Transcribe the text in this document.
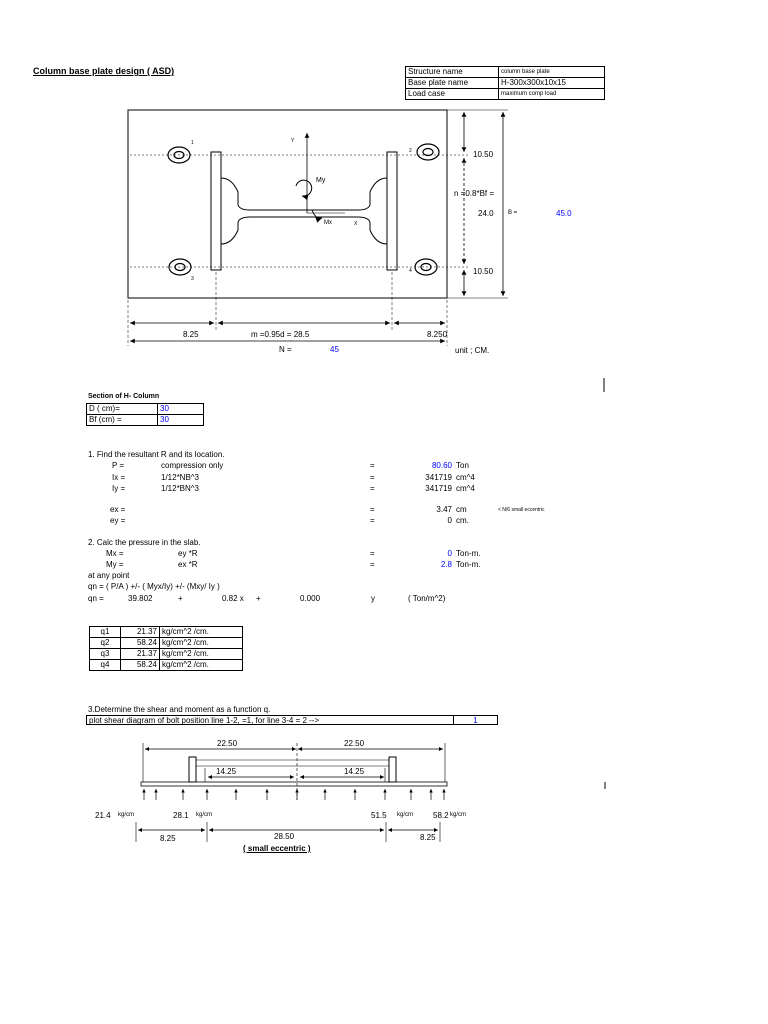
Column base plate design ( ASD)	Structure name	column base plate
Base plate name	H-300x300x10x15
Load case	maximum comp load
Y
My
Mx	X
1
2
3
4
10.50
n =0.8*Bf =
24.0 B =	45.0
10.50
8.25	m =0.95d = 28.5	8.250
N =	45	unit ; CM.
Section of H- Column
D ( cm)=	30
Bf (cm) =	30
1. Find the resultant R and its location.
P =	compression only	=	80.60 Ton
Ix =	1/12*NB^3	=	341719 cm^4
Iy =	1/12*BN^3	=	341719 cm^4
ex =	=	3.47 cm	< N/6 small eccentric
ey =	=	0 cm.
2. Calc the pressure in the slab.
Mx =	ey *R	=	0 Ton-m.
My =	ex *R	=	2.8 Ton-m.
at any point
qn = ( P/A ) +/- ( Myx/Iy) +/- (Mxy/ Iy )
qn =	39.802	+	0.82 x +	0.000	y	( Ton/m^2)
q1	21.37	kg/cm^2 /cm.
q2	58.24	kg/cm^2 /cm.
q3	21.37	kg/cm^2 /cm.
q4	58.24	kg/cm^2 /cm.
3.Determine the shear and moment as a function q.
plot shear diagram of bolt position line 1-2, =1, for line 3-4 = 2 -->	1
22.50	22.50
14.25	14.25
21.4 kg/cm	28.1 kg/cm	51.5 kg/cm 58.2 kg/cm
8.25	28.50	8.25
( small eccentric )
